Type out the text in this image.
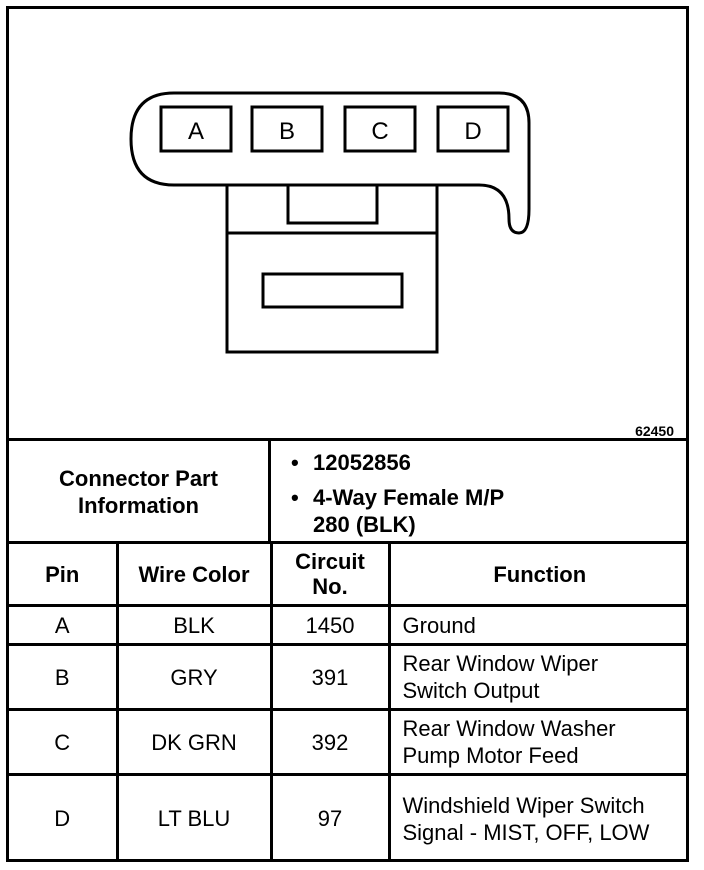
A	B	C	D
62450
Connector Part Information
• 12052856
• 4-Way Female M/P
280 (BLK)
Pin	Wire Color	Circuit No.	Function
A	BLK	1450	Ground
B	GRY	391	Rear Window Wiper Switch Output

C	DK GRN	392	Rear Window Washer Pump Motor Feed

D	LT BLU	97	Windshield Wiper Switch Signal - MIST, OFF, LOW
